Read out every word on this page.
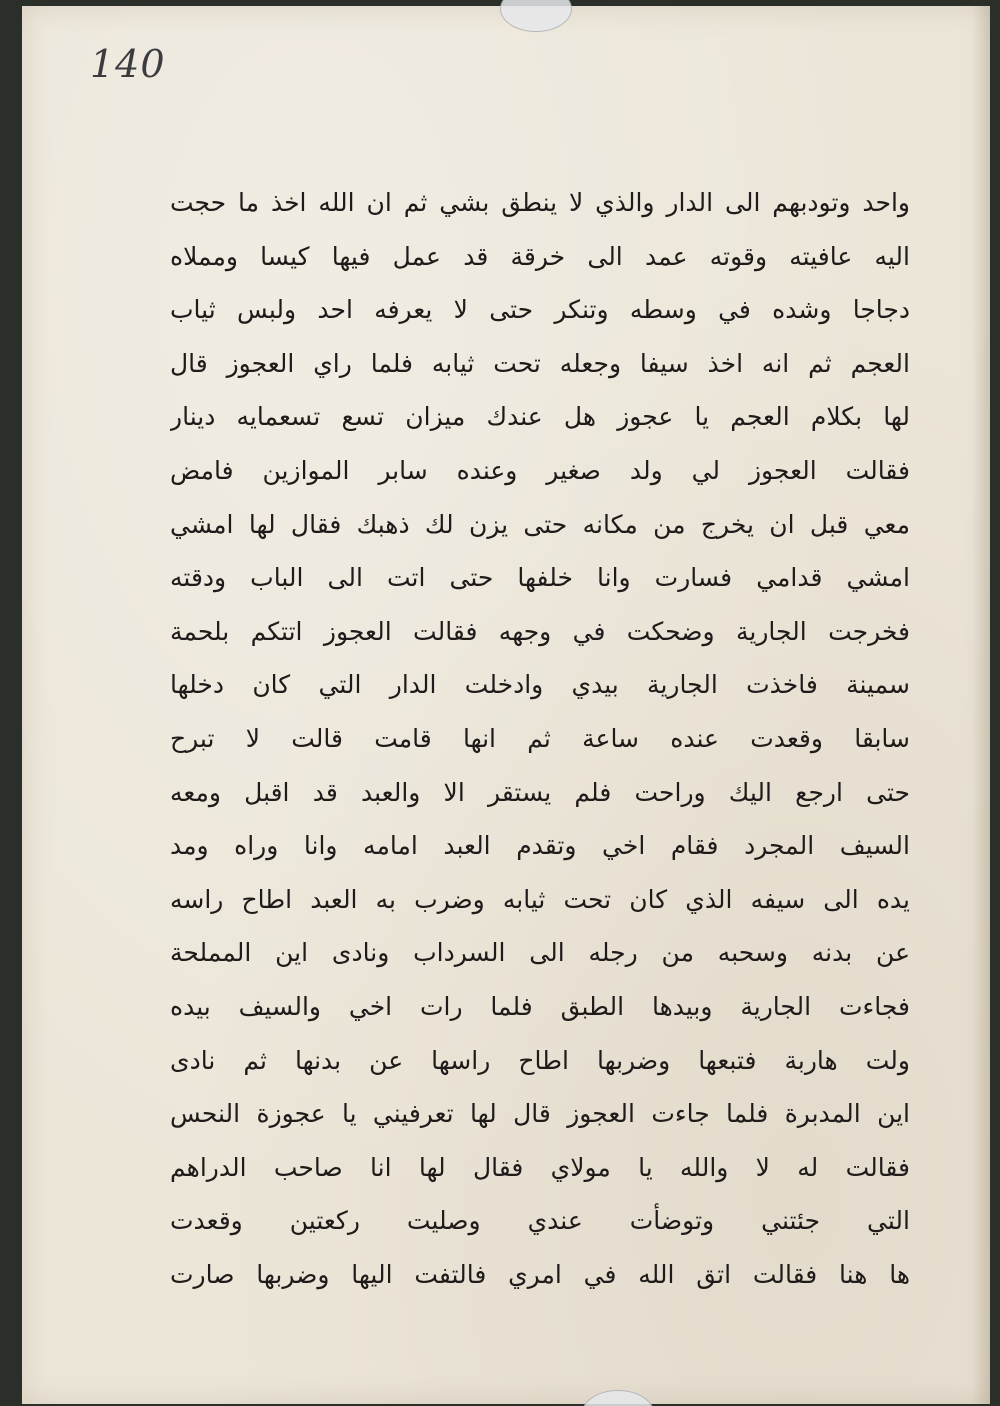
140
واحد وتودبهم الى الدار والذي لا ينطق بشي ثم ان الله اخذ ما حجت
اليه عافيته وقوته عمد الى خرقة قد عمل فيها كيسا ومملاه
دجاجا وشده في وسطه وتنكر حتى لا يعرفه احد ولبس ثياب
العجم ثم انه اخذ سيفا وجعله تحت ثيابه فلما راي العجوز قال
لها بكلام العجم يا عجوز هل عندك ميزان تسع تسعمايه دينار
فقالت العجوز لي ولد صغير وعنده سابر الموازين فامض
معي قبل ان يخرج من مكانه حتى يزن لك ذهبك فقال لها امشي
امشي قدامي فسارت وانا خلفها حتى اتت الى الباب ودقته
فخرجت الجارية وضحكت في وجهه فقالت العجوز اتتكم بلحمة
سمينة فاخذت الجارية بيدي وادخلت الدار التي كان دخلها
سابقا وقعدت عنده ساعة ثم انها قامت قالت لا تبرح
حتى ارجع اليك وراحت فلم يستقر الا والعبد قد اقبل ومعه
السيف المجرد فقام اخي وتقدم العبد امامه وانا وراه ومد
يده الى سيفه الذي كان تحت ثيابه وضرب به العبد اطاح راسه
عن بدنه وسحبه من رجله الى السرداب ونادى اين المملحة
فجاءت الجارية وبيدها الطبق فلما رات اخي والسيف بيده
ولت هاربة فتبعها وضربها اطاح راسها عن بدنها ثم نادى
اين المدبرة فلما جاءت العجوز قال لها تعرفيني يا عجوزة النحس
فقالت له لا والله يا مولاي فقال لها انا صاحب الدراهم
التي جئتني وتوضأت عندي وصليت ركعتين وقعدت
ها هنا فقالت اتق الله في امري فالتفت اليها وضربها صارت
